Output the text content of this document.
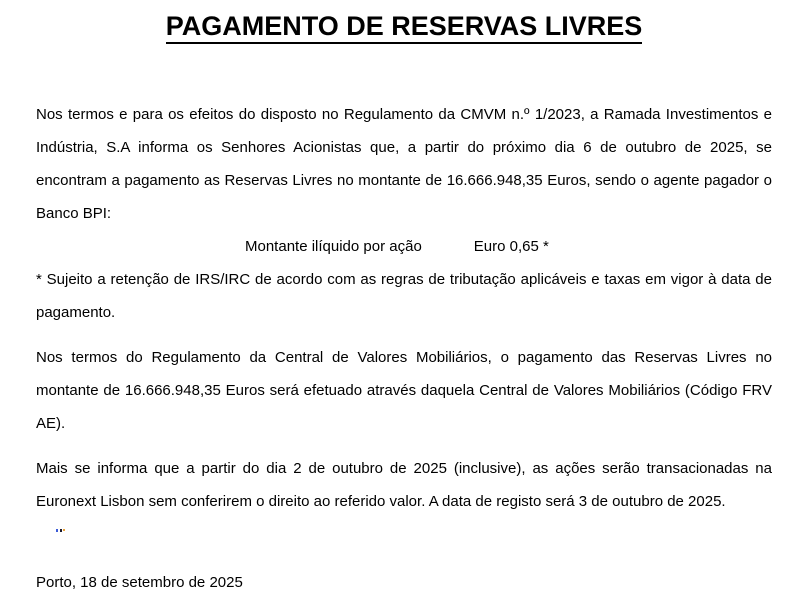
PAGAMENTO DE RESERVAS LIVRES

Nos termos e para os efeitos do disposto no Regulamento da CMVM n.º 1/2023, a Ramada Investimentos e Indústria, S.A informa os Senhores Acionistas que, a partir do próximo dia 6 de outubro de 2025, se encontram a pagamento as Reservas Livres no montante de 16.666.948,35 Euros, sendo o agente pagador o Banco BPI:

Montante ilíquido por ação	Euro 0,65 *

* Sujeito a retenção de IRS/IRC de acordo com as regras de tributação aplicáveis e taxas em vigor à data de pagamento.

Nos termos do Regulamento da Central de Valores Mobiliários, o pagamento das Reservas Livres no montante de 16.666.948,35 Euros será efetuado através daquela Central de Valores Mobiliários (Código FRV AE).

Mais se informa que a partir do dia 2 de outubro de 2025 (inclusive), as ações serão transacionadas na Euronext Lisbon sem conferirem o direito ao referido valor. A data de registo será 3 de outubro de 2025.

Porto, 18 de setembro de 2025
